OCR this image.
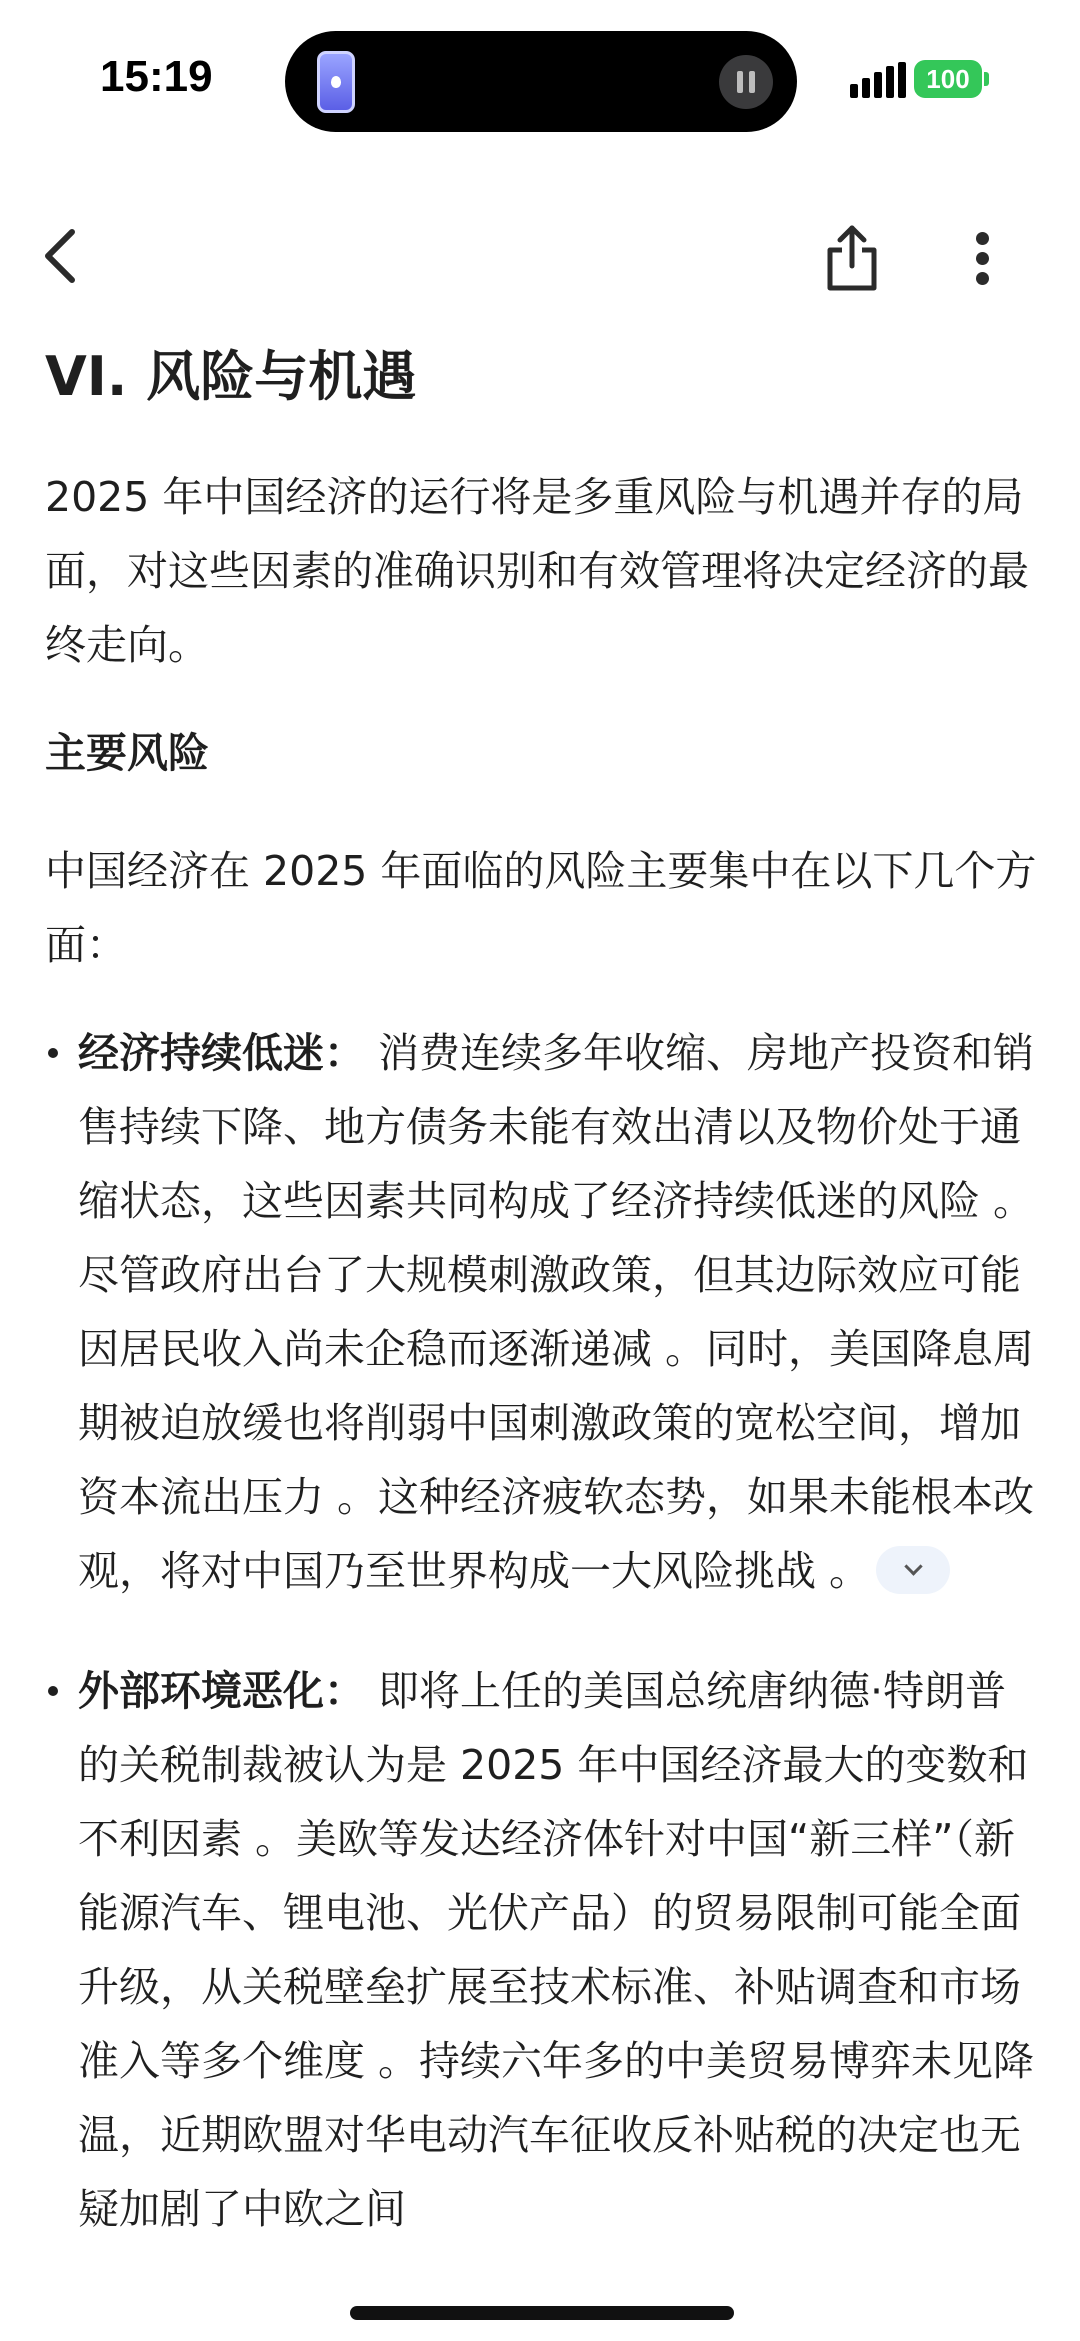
15:19	100
VI. 风险与机遇

2025 年中国经济的运行将是多重风险与机遇并存的局面，对这些因素的准确识别和有效管理将决定经济的最终走向。

主要风险

中国经济在 2025 年面临的风险主要集中在以下几个方面：

经济持续低迷： 消费连续多年收缩、房地产投资和销售持续下降、地方债务未能有效出清以及物价处于通缩状态，这些因素共同构成了经济持续低迷的风险 。尽管政府出台了大规模刺激政策，但其边际效应可能因居民收入尚未企稳而逐渐递减 。同时，美国降息周期被迫放缓也将削弱中国刺激政策的宽松空间，增加资本流出压力 。这种经济疲软态势，如果未能根本改观，将对中国乃至世界构成一大风险挑战 。
外部环境恶化： 即将上任的美国总统唐纳德·特朗普的关税制裁被认为是 2025 年中国经济最大的变数和不利因素 。美欧等发达经济体针对中国“新三样”（新能源汽车、锂电池、光伏产品）的贸易限制可能全面升级，从关税壁垒扩展至技术标准、补贴调查和市场准入等多个维度 。持续六年多的中美贸易博弈未见降温，近期欧盟对华电动汽车征收反补贴税的决定也无疑加剧了中欧之间
